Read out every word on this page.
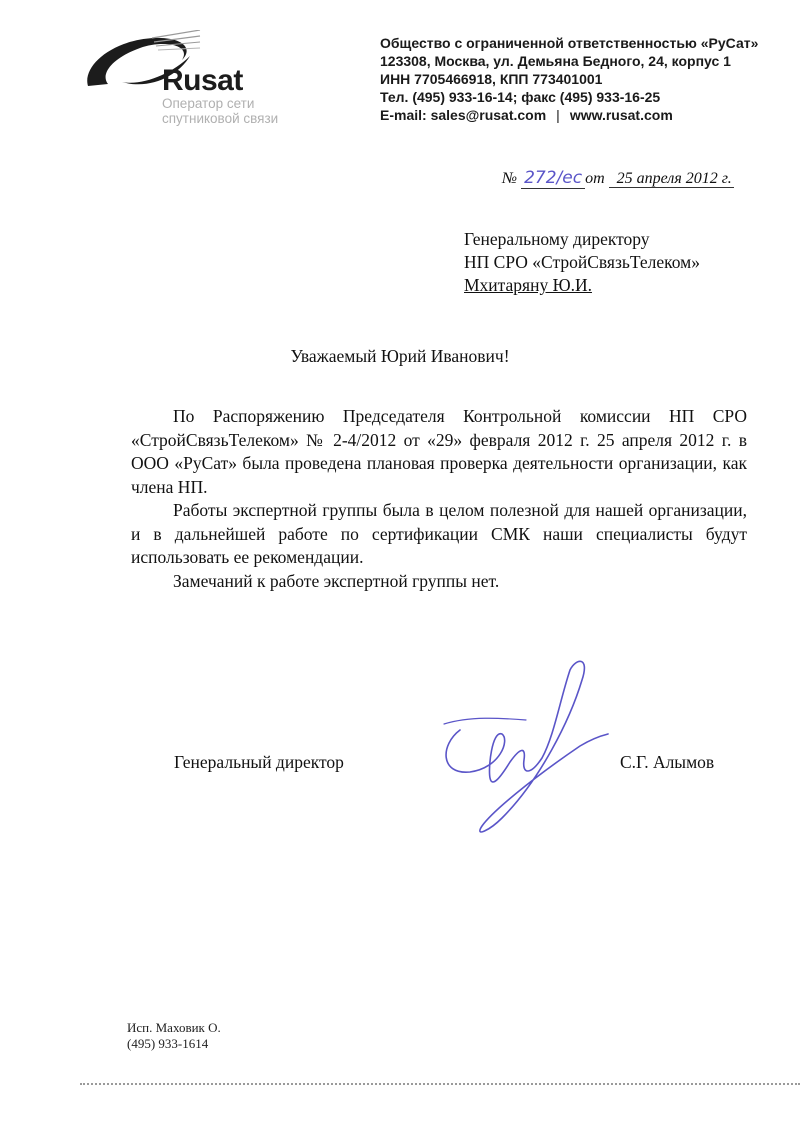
Rusat
Оператор сети
спутниковой связи
Общество с ограниченной ответственностью «РуСат»
123308, Москва, ул. Демьяна Бедного, 24, корпус 1
ИНН 7705466918, КПП 773401001
Тел. (495) 933-16-14; факс (495) 933-16-25
E-mail: sales@rusat.com | www.rusat.com
№ 272/ec от 25 апреля 2012 г.
Генеральному директору
НП СРО «СтройСвязьТелеком»
Мхитаряну Ю.И.
Уважаемый Юрий Иванович!

По Распоряжению Председателя Контрольной комиссии НП СРО «СтройСвязьТелеком» № 2-4/2012 от «29» февраля 2012 г. 25 апреля 2012 г. в ООО «РуСат» была проведена плановая проверка деятельности организации, как члена НП.

Работы экспертной группы была в целом полезной для нашей организации, и в дальнейшей работе по сертификации СМК наши специалисты будут использовать ее рекомендации.

Замечаний к работе экспертной группы нет.

Генеральный директор	С.Г. Алымов
Исп. Маховик О.
(495) 933-1614
